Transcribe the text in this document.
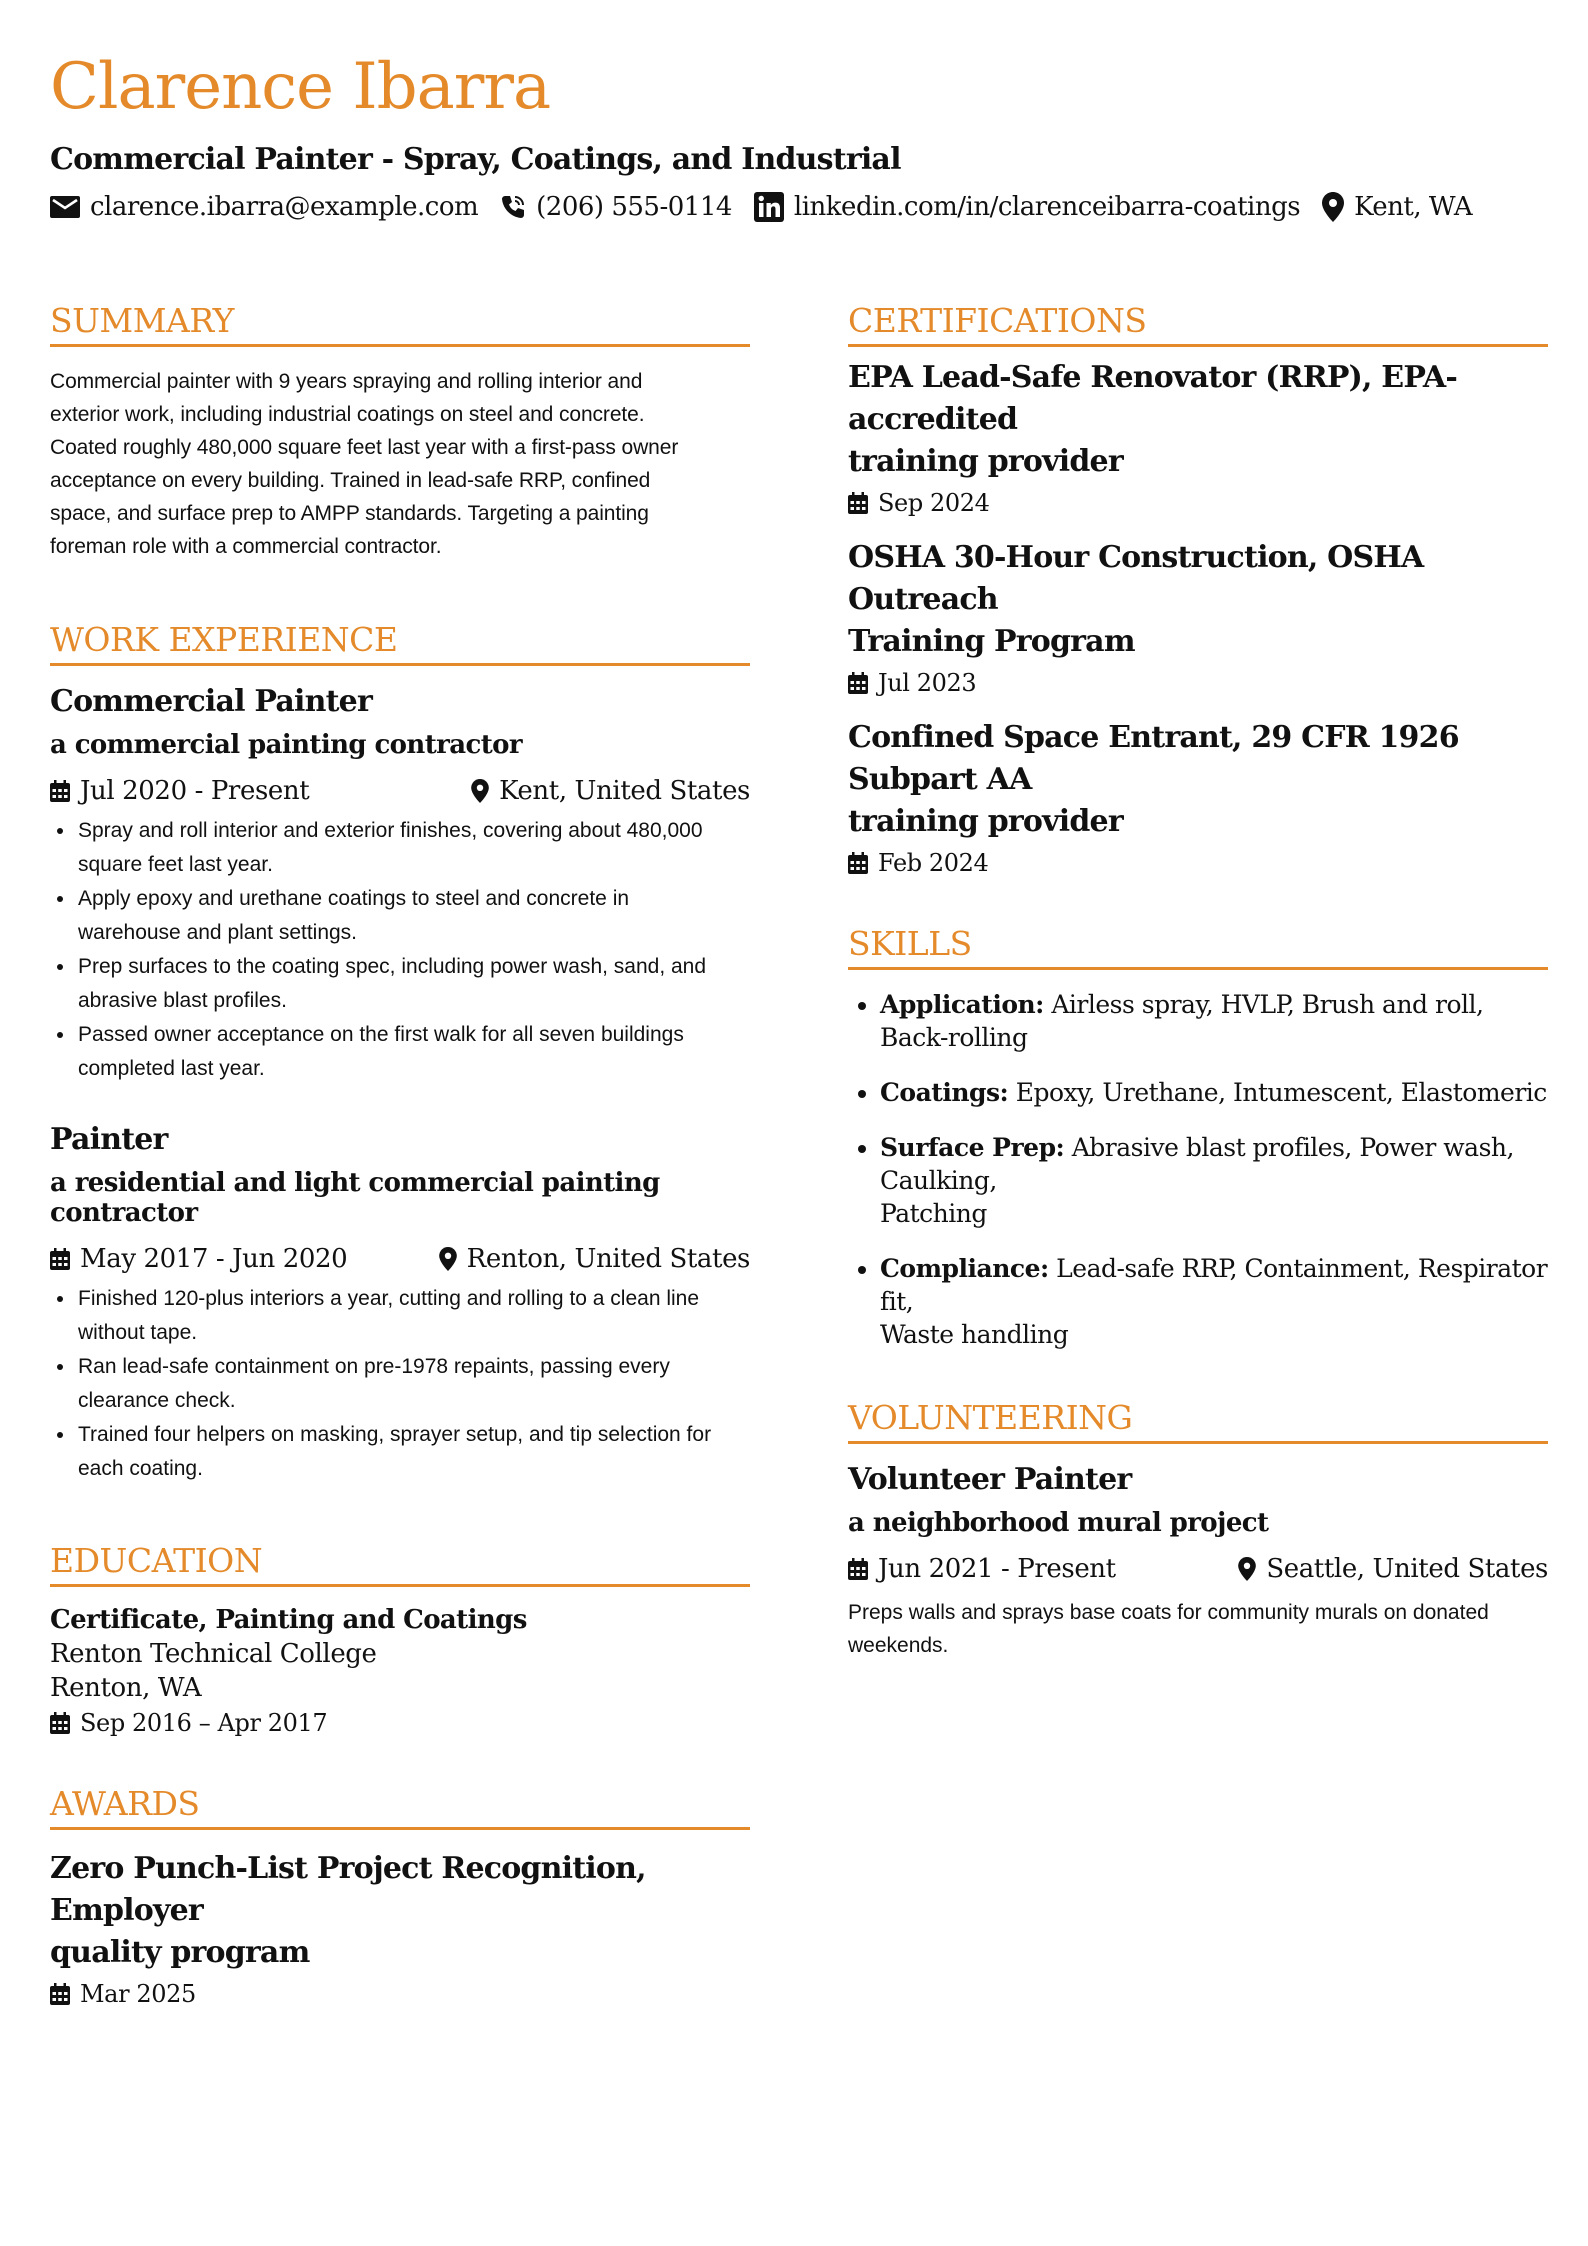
Clarence Ibarra
Commercial Painter - Spray, Coatings, and Industrial
clarence.ibarra@example.com (206) 555-0114 linkedin.com/in/clarenceibarra-coatings Kent, WA
SUMMARY
Commercial painter with 9 years spraying and rolling interior and
exterior work, including industrial coatings on steel and concrete.
Coated roughly 480,000 square feet last year with a first-pass owner
acceptance on every building. Trained in lead-safe RRP, confined
space, and surface prep to AMPP standards. Targeting a painting
foreman role with a commercial contractor.
WORK EXPERIENCE
Commercial Painter
a commercial painting contractor
Jul 2020 - Present	Kent, United States
• Spray and roll interior and exterior finishes, covering about 480,000
square feet last year.
• Apply epoxy and urethane coatings to steel and concrete in
warehouse and plant settings.
• Prep surfaces to the coating spec, including power wash, sand, and
abrasive blast profiles.
• Passed owner acceptance on the first walk for all seven buildings
completed last year.
Painter
a residential and light commercial painting contractor
May 2017 - Jun 2020	Renton, United States
• Finished 120-plus interiors a year, cutting and rolling to a clean line
without tape.
• Ran lead-safe containment on pre-1978 repaints, passing every
clearance check.
• Trained four helpers on masking, sprayer setup, and tip selection for
each coating.
EDUCATION
Certificate, Painting and Coatings
Renton Technical College
Renton, WA
Sep 2016 – Apr 2017
AWARDS
Zero Punch-List Project Recognition, Employer
quality program
Mar 2025
CERTIFICATIONS
EPA Lead-Safe Renovator (RRP), EPA-accredited
training provider
Sep 2024
OSHA 30-Hour Construction, OSHA Outreach
Training Program
Jul 2023
Confined Space Entrant, 29 CFR 1926 Subpart AA
training provider
Feb 2024
SKILLS
• Application: Airless spray, HVLP, Brush and roll, Back-rolling
• Coatings: Epoxy, Urethane, Intumescent, Elastomeric
• Surface Prep: Abrasive blast profiles, Power wash, Caulking,
Patching
• Compliance: Lead-safe RRP, Containment, Respirator fit,
Waste handling
VOLUNTEERING
Volunteer Painter
a neighborhood mural project
Jun 2021 - Present	Seattle, United States
Preps walls and sprays base coats for community murals on donated
weekends.
